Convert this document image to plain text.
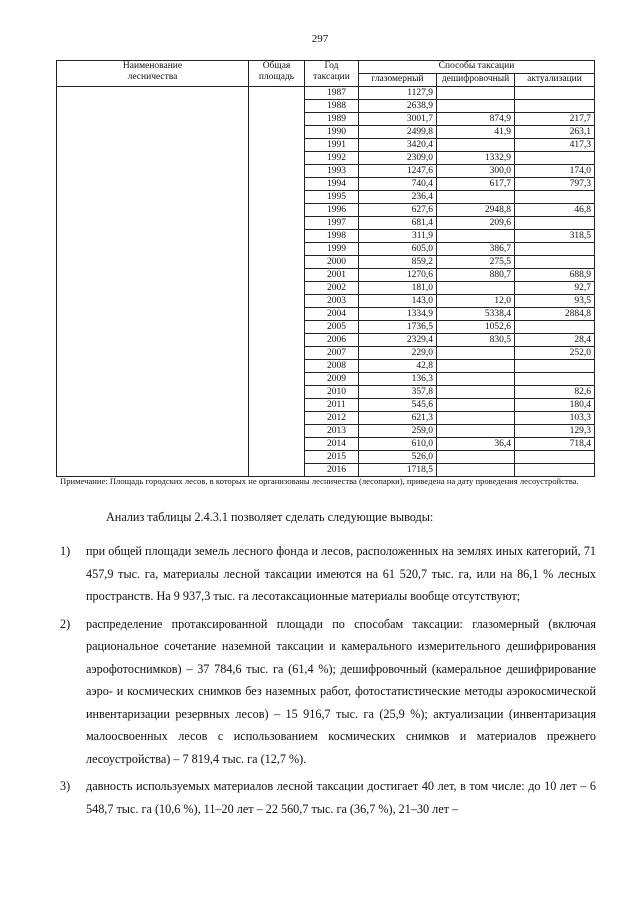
297
Наименование лесничества	Общая площадь	Год таксации	Способы таксации		
			глазомерный	дешифровочный	актуализации
		1987	1127,9		
		1988	2638,9		
		1989	3001,7	874,9	217,7
		1990	2499,8	41,9	263,1
		1991	3420,4		417,3
		1992	2309,0	1332,9	
		1993	1247,6	300,0	174,0
		1994	740,4	617,7	797,3
		1995	236,4		
		1996	627,6	2948,8	46,8
		1997	681,4	209,6	
		1998	311,9		318,5
		1999	605,0	386,7	
		2000	859,2	275,5	
		2001	1270,6	880,7	688,9
		2002	181,0		92,7
		2003	143,0	12,0	93,5
		2004	1334,9	5338,4	2884,8
		2005	1736,5	1052,6	
		2006	2329,4	830,5	28,4
		2007	229,0		252,0
		2008	42,8		
		2009	136,3		
		2010	357,8		82,6
		2011	545,6		180,4
		2012	621,3		103,3
		2013	259,0		129,3
		2014	610,0	36,4	718,4
		2015	526,0		
		2016	1718,5		
Примечание: Площадь городских лесов, в которых не организованы лесничества (лесопарки), приведена на дату проведения лесоустройства.
Анализ таблицы 2.4.3.1 позволяет сделать следующие выводы:
1) при общей площади земель лесного фонда и лесов, расположенных на землях иных категорий, 71 457,9 тыс. га, материалы лесной таксации имеются на 61 520,7 тыс. га, или на 86,1 % лесных пространств. На 9 937,3 тыс. га лесотаксационные материалы вообще отсутствуют;
2) распределение протаксированной площади по способам таксации: глазомерный (включая рациональное сочетание наземной таксации и камерального измерительного дешифрирования аэрофотоснимков) – 37 784,6 тыс. га (61,4 %); дешифровочный (камеральное дешифрирование аэро- и космических снимков без наземных работ, фотостатистические методы аэрокосмической инвентаризации резервных лесов) – 15 916,7 тыс. га (25,9 %); актуализации (инвентаризация малоосвоенных лесов с использованием космических снимков и материалов прежнего лесоустройства) – 7 819,4 тыс. га (12,7 %).
3) давность используемых материалов лесной таксации достигает 40 лет, в том числе: до 10 лет – 6 548,7 тыс. га (10,6 %), 11–20 лет – 22 560,7 тыс. га (36,7 %), 21–30 лет –
